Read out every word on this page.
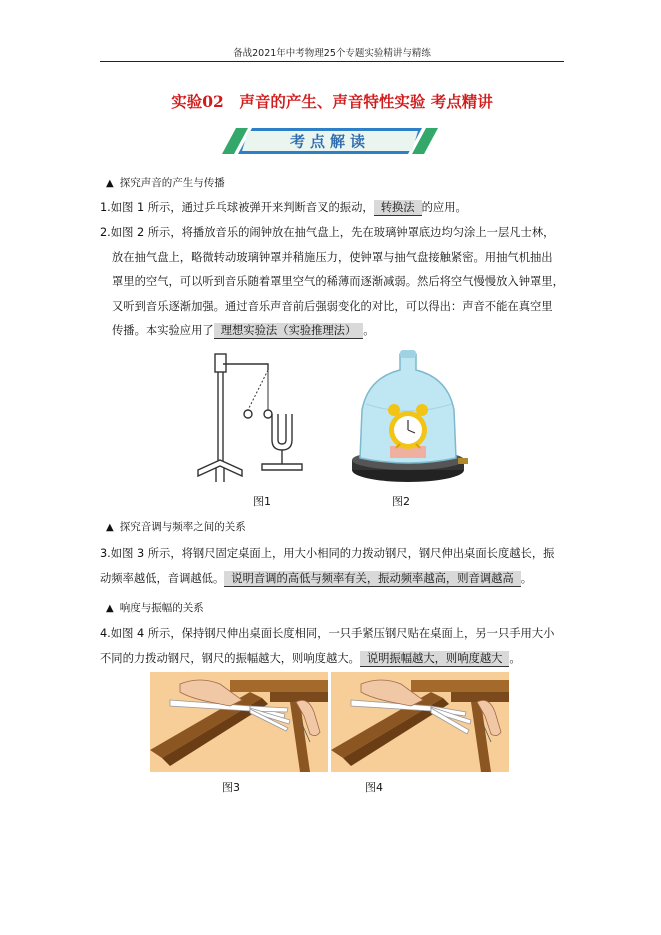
备战2021年中考物理25个专题实验精讲与精练
实验02　声音的产生、声音特性实验 考点精讲
考点解读
▲ 探究声音的产生与传播
1.如图 1 所示，通过乒乓球被弹开来判断音叉的振动， 转换法 的应用。
2.如图 2 所示，将播放音乐的闹钟放在抽气盘上，先在玻璃钟罩底边均匀涂上一层凡士林，
放在抽气盘上，略微转动玻璃钟罩并稍施压力，使钟罩与抽气盘接触紧密。用抽气机抽出
罩里的空气，可以听到音乐随着罩里空气的稀薄而逐渐减弱。然后将空气慢慢放入钟罩里，
又听到音乐逐渐加强。通过音乐声音前后强弱变化的对比，可以得出：声音不能在真空里
传播。本实验应用了 理想实验法（实验推理法） 。
图1	图2
▲ 探究音调与频率之间的关系
3.如图 3 所示，将钢尺固定桌面上，用大小相同的力拨动钢尺，钢尺伸出桌面长度越长，振
动频率越低，音调越低。 说明音调的高低与频率有关，振动频率越高，则音调越高 。
▲ 响度与振幅的关系
4.如图 4 所示，保持钢尺伸出桌面长度相同，一只手紧压钢尺贴在桌面上，另一只手用大小
不同的力拨动钢尺，钢尺的振幅越大，则响度越大。 说明振幅越大，则响度越大 。
图3	图4
